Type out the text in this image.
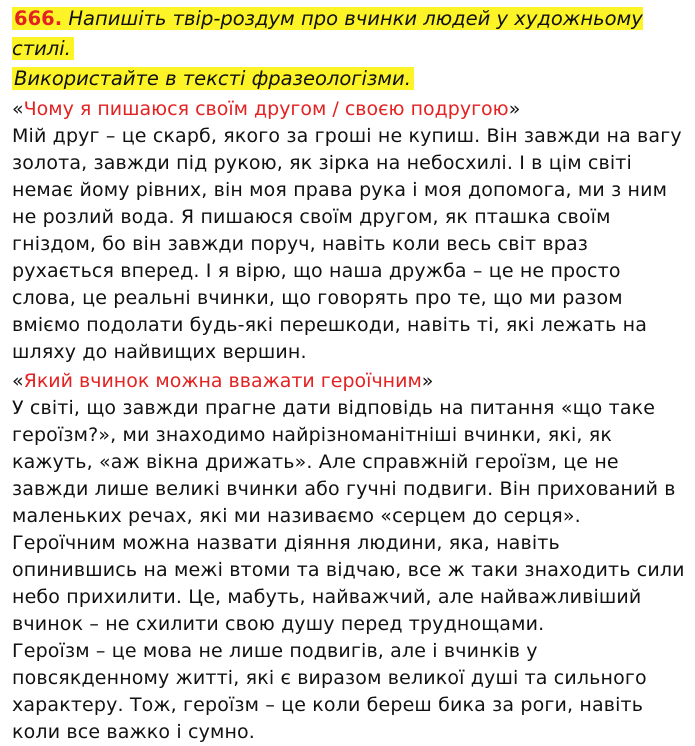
666. Напишіть твір-роздум про вчинки людей у художньому стилі.
Використайте в тексті фразеологізми.

«Чому я пишаюся своїм другом / своєю подругою»

Мій друг – це скарб, якого за гроші не купиш. Він завжди на вагу золота, завжди під рукою, як зірка на небосхилі. І в цім світі немає йому рівних, він моя права рука і моя допомога, ми з ним не розлий вода. Я пишаюся своїм другом, як пташка своїм гніздом, бо він завжди поруч, навіть коли весь світ враз рухається вперед. І я вірю, що наша дружба – це не просто слова, це реальні вчинки, що говорять про те, що ми разом вміємо подолати будь-які перешкоди, навіть ті, які лежать на шляху до найвищих вершин.

«Який вчинок можна вважати героїчним»

У світі, що завжди прагне дати відповідь на питання «що таке героїзм?», ми знаходимо найрізноманітніші вчинки, які, як кажуть, «аж вікна дрижать». Але справжній героїзм, це не завжди лише великі вчинки або гучні подвиги. Він прихований в маленьких речах, які ми називаємо «серцем до серця». Героїчним можна назвати діяння людини, яка, навіть опинившись на межі втоми та відчаю, все ж таки знаходить сили небо прихилити. Це, мабуть, найважчий, але найважливіший вчинок – не схилити свою душу перед труднощами.

Героїзм – це мова не лише подвигів, але і вчинків у повсякденному житті, які є виразом великої душі та сильного характеру. Тож, героїзм – це коли береш бика за роги, навіть коли все важко і сумно.
